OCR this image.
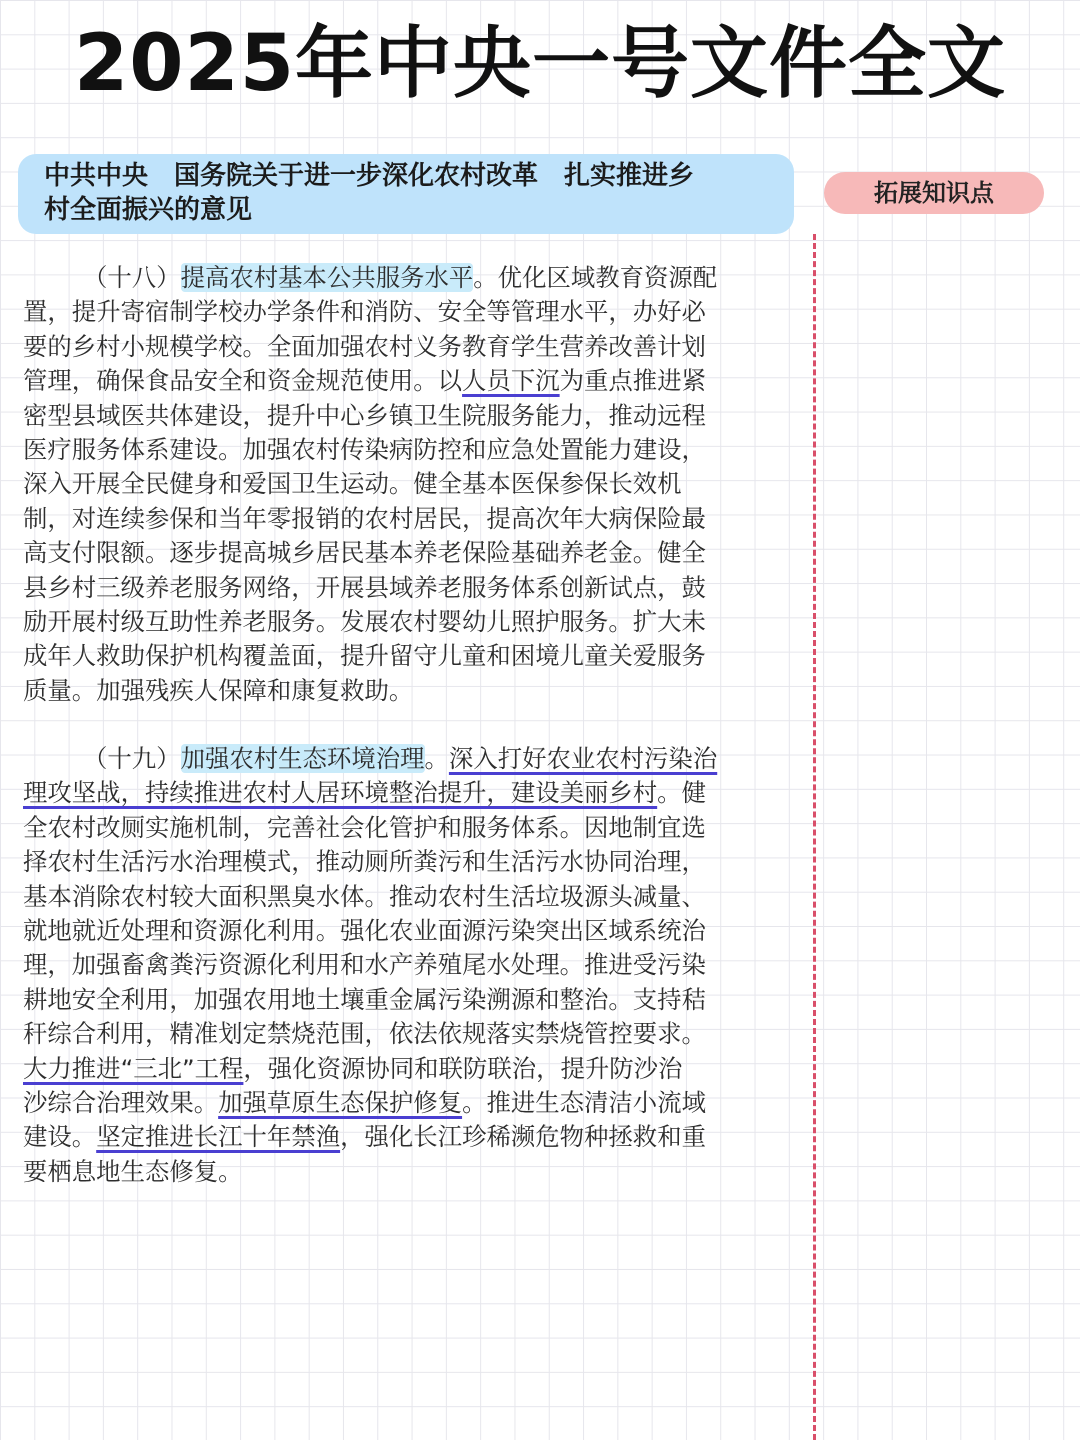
2025年中央一号文件全文
中共中央　国务院关于进一步深化农村改革　扎实推进乡
村全面振兴的意见
拓展知识点

（十八）提高农村基本公共服务水平。优化区域教育资源配

置，提升寄宿制学校办学条件和消防、安全等管理水平，办好必

要的乡村小规模学校。全面加强农村义务教育学生营养改善计划

管理，确保食品安全和资金规范使用。以人员下沉为重点推进紧

密型县域医共体建设，提升中心乡镇卫生院服务能力，推动远程

医疗服务体系建设。加强农村传染病防控和应急处置能力建设，

深入开展全民健身和爱国卫生运动。健全基本医保参保长效机

制，对连续参保和当年零报销的农村居民，提高次年大病保险最

高支付限额。逐步提高城乡居民基本养老保险基础养老金。健全

县乡村三级养老服务网络，开展县域养老服务体系创新试点，鼓

励开展村级互助性养老服务。发展农村婴幼儿照护服务。扩大未

成年人救助保护机构覆盖面，提升留守儿童和困境儿童关爱服务

质量。加强残疾人保障和康复救助。

（十九）加强农村生态环境治理。深入打好农业农村污染治

理攻坚战，持续推进农村人居环境整治提升，建设美丽乡村。健

全农村改厕实施机制，完善社会化管护和服务体系。因地制宜选

择农村生活污水治理模式，推动厕所粪污和生活污水协同治理，

基本消除农村较大面积黑臭水体。推动农村生活垃圾源头减量、

就地就近处理和资源化利用。强化农业面源污染突出区域系统治

理，加强畜禽粪污资源化利用和水产养殖尾水处理。推进受污染

耕地安全利用，加强农用地土壤重金属污染溯源和整治。支持秸

秆综合利用，精准划定禁烧范围，依法依规落实禁烧管控要求。

大力推进“三北”工程，强化资源协同和联防联治，提升防沙治

沙综合治理效果。加强草原生态保护修复。推进生态清洁小流域

建设。坚定推进长江十年禁渔，强化长江珍稀濒危物种拯救和重

要栖息地生态修复。
